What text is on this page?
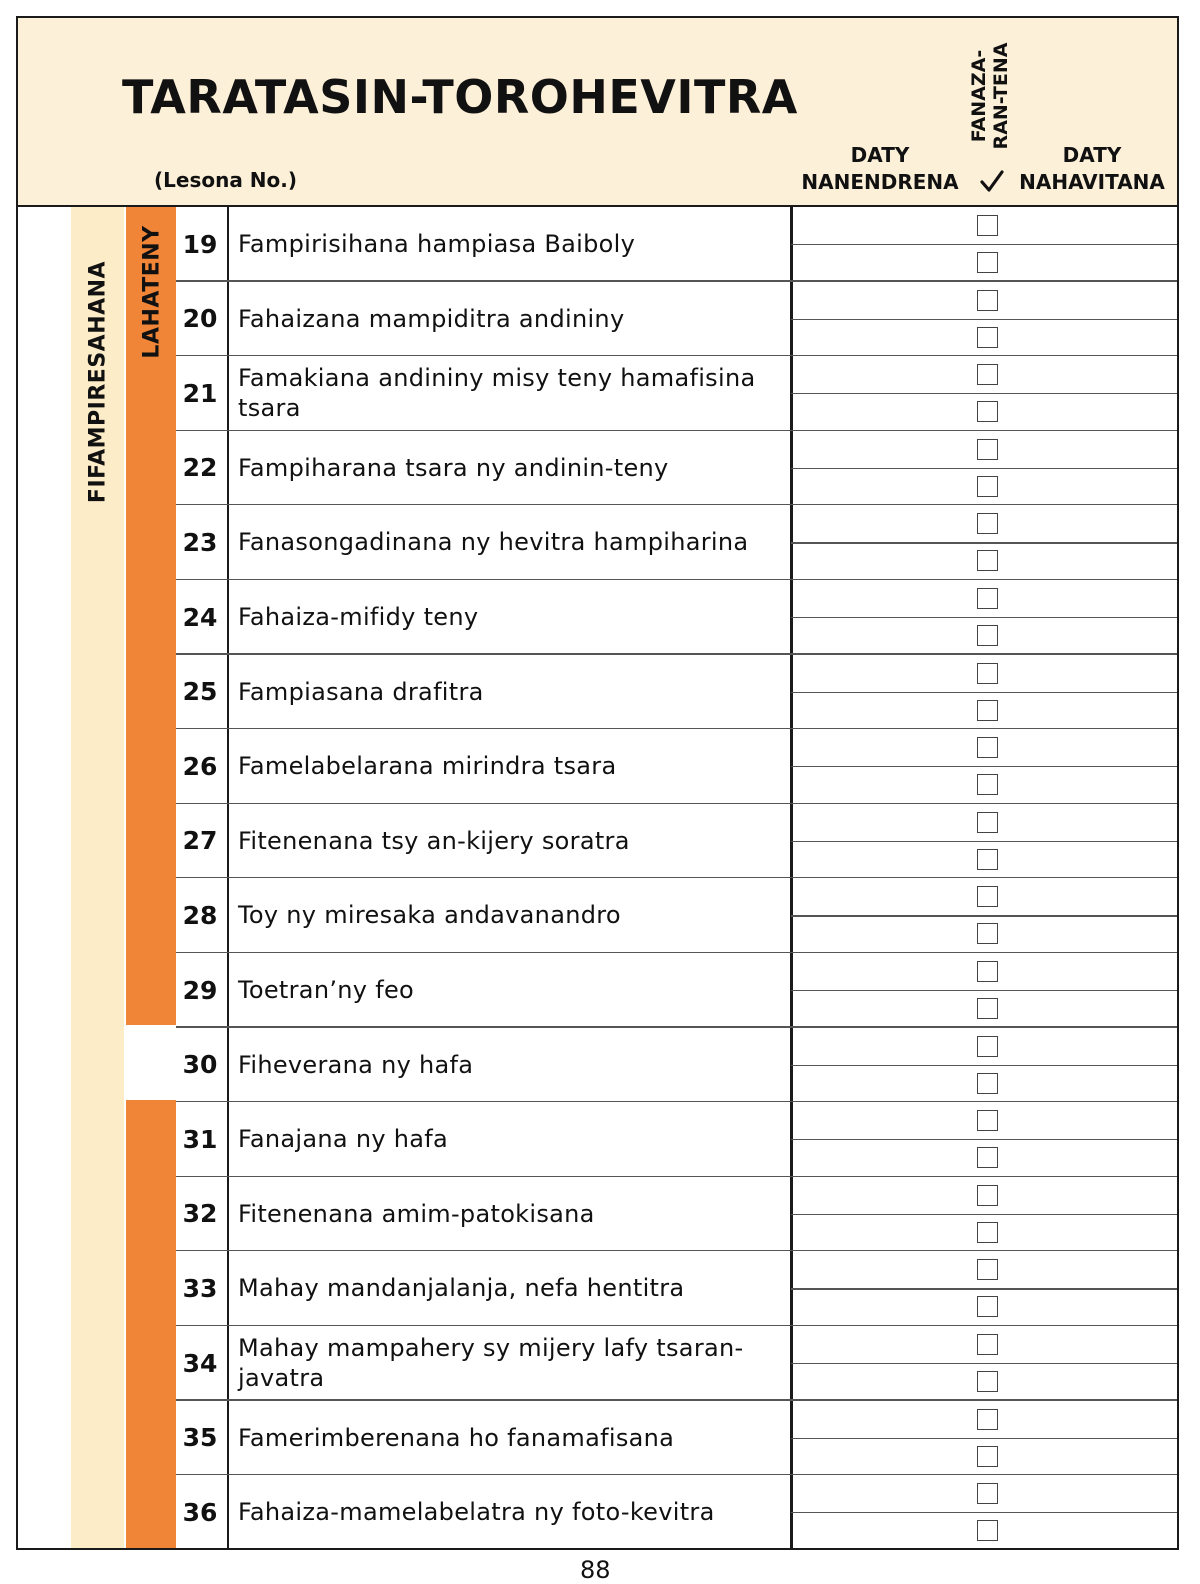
TARATASIN-TOROHEVITRA
(Lesona No.)
DATY
NANENDRENA
FANAZA-
RAN-TENA
DATY
NAHAVITANA
FIFAMPIRESAHANA LAHATENY 19 Fampirisihana hampiasa Baiboly
20 Fahaizana mampiditra andininy
21
Famakiana andininy misy teny hamafisina tsara
22 Fampiharana tsara ny andinin-teny
23 Fanasongadinana ny hevitra hampiharina
24 Fahaiza-mifidy teny
25 Fampiasana drafitra
26 Famelabelarana mirindra tsara
27 Fitenenana tsy an-kijery soratra
28 Toy ny miresaka andavanandro
29 Toetran’ny feo
30 Fiheverana ny hafa
31 Fanajana ny hafa
32 Fitenenana amim-patokisana
33 Mahay mandanjalanja, nefa hentitra
34
Mahay mampahery sy mijery lafy tsaran-javatra
35 Famerimberenana ho fanamafisana
36 Fahaiza-mamelabelatra ny foto-kevitra
88
